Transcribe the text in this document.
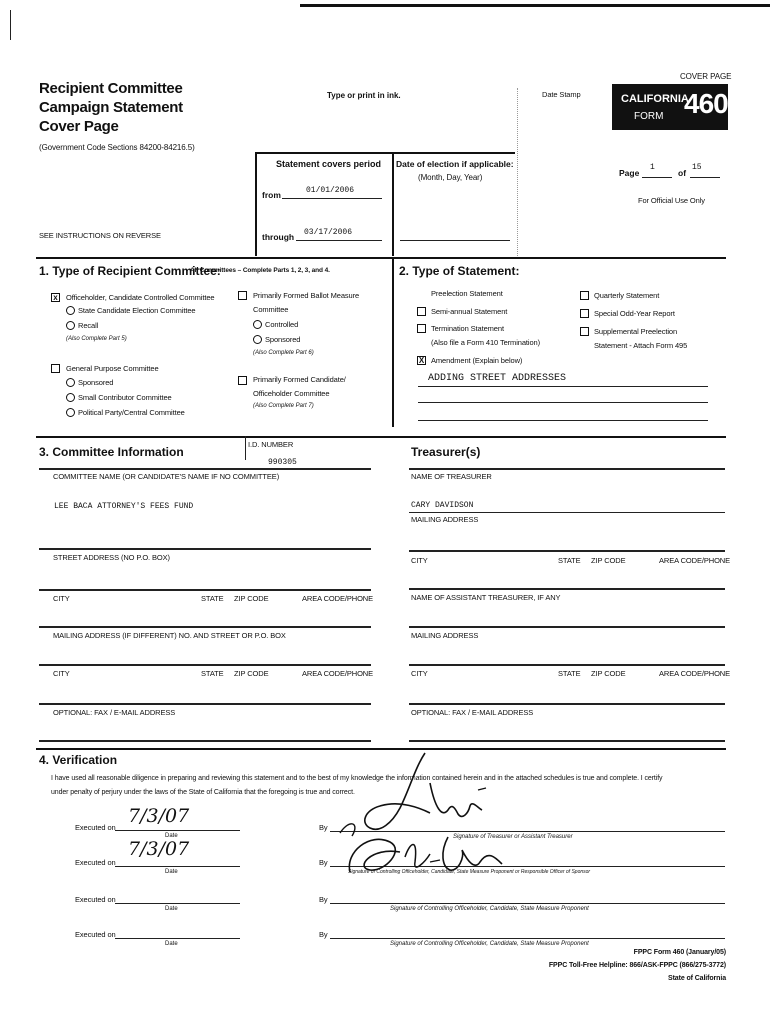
Recipient Committee
Campaign Statement
Cover Page
(Government Code Sections 84200-84216.5)
Type or print in ink.	Date Stamp
COVER PAGE
CALIFORNIA
FORM 460
Statement covers period
from	01/01/2006
through 03/17/2006
Date of election if applicable:
(Month, Day, Year)	Page
1
of
15
For Official Use Only
SEE INSTRUCTIONS ON REVERSE
1. Type of Recipient Committee:
All Committees – Complete Parts 1, 2, 3, and 4.
x	Officeholder, Candidate Controlled Committee
State Candidate Election Committee
Recall
(Also Complete Part 5)
General Purpose Committee
Sponsored
Small Contributor Committee
Political Party/Central Committee
Primarily Formed Ballot Measure
Committee
Controlled
Sponsored
(Also Complete Part 6)
Primarily Formed Candidate/
Officeholder Committee
(Also Complete Part 7)
2. Type of Statement:
Preelection Statement
Semi-annual Statement
Termination Statement
(Also file a Form 410 Termination)
X Amendment (Explain below)
ADDING STREET ADDRESSES
Quarterly Statement
Special Odd-Year Report
Supplemental Preelection
Statement - Attach Form 495
I.D. NUMBER
990305
3. Committee Information
COMMITTEE NAME (OR CANDIDATE'S NAME IF NO COMMITTEE)
LEE BACA ATTORNEY'S FEES FUND
STREET ADDRESS (NO P.O. BOX)
CITY	STATE ZIP CODE	AREA CODE/PHONE
MAILING ADDRESS (IF DIFFERENT) NO. AND STREET OR P.O. BOX
CITY	STATE ZIP CODE	AREA CODE/PHONE
OPTIONAL: FAX / E-MAIL ADDRESS
Treasurer(s)
NAME OF TREASURER
CARY DAVIDSON
MAILING ADDRESS
CITY	STATE ZIP CODE	AREA CODE/PHONE
NAME OF ASSISTANT TREASURER, IF ANY
MAILING ADDRESS
CITY	STATE ZIP CODE	AREA CODE/PHONE
OPTIONAL: FAX / E-MAIL ADDRESS
4. Verification
I have used all reasonable diligence in preparing and reviewing this statement and to the best of my knowledge the information contained herein and in the attached schedules is true and complete. I certify
under penalty of perjury under the laws of the State of California that the foregoing is true and correct.
Executed on
Date
7/3/07
Executed on
Date
7/3/07
Executed on
Date
Executed on
Date
By
Signature of Treasurer or Assistant Treasurer
By
Signature of Controlling Officeholder, Candidate, State Measure Proponent or Responsible Officer of Sponsor
By
Signature of Controlling Officeholder, Candidate, State Measure Proponent
By
Signature of Controlling Officeholder, Candidate, State Measure Proponent
FPPC Form 460 (January/05)
FPPC Toll-Free Helpline: 866/ASK-FPPC (866/275-3772)
State of California
